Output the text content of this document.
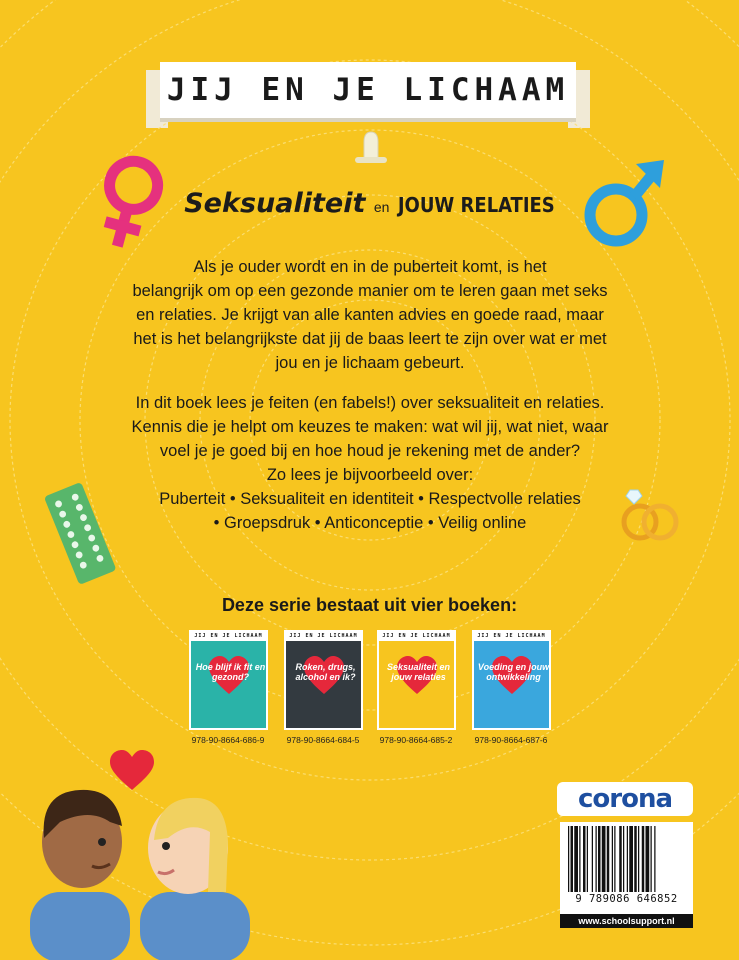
JIJ EN JE LICHAAM
Seksualiteit en JOUW RELATIES
Als je ouder wordt en in de puberteit komt, is het
belangrijk om op een gezonde manier om te leren gaan met seks
en relaties. Je krijgt van alle kanten advies en goede raad, maar
het is het belangrijkste dat jij de baas leert te zijn over wat er met
jou en je lichaam gebeurt.
In dit boek lees je feiten (en fabels!) over seksualiteit en relaties.
Kennis die je helpt om keuzes te maken: wat wil jij, wat niet, waar
voel je je goed bij en hoe houd je rekening met de ander?
Zo lees je bijvoorbeeld over:
Puberteit • Seksualiteit en identiteit • Respectvolle relaties
• Groepsdruk • Anticonceptie • Veilig online
Deze serie bestaat uit vier boeken:
JIJ EN JE LICHAAM
Hoe blijf ik fit en gezond?
JIJ EN JE LICHAAM
Roken, drugs, alcohol en ik?
JIJ EN JE LICHAAM
Seksualiteit en jouw relaties
JIJ EN JE LICHAAM
Voeding en jouw ontwikkeling
978-90-8664-686-9	978-90-8664-684-5	978-90-8664-685-2	978-90-8664-687-6
corona
9 789086 646852
www.schoolsupport.nl
